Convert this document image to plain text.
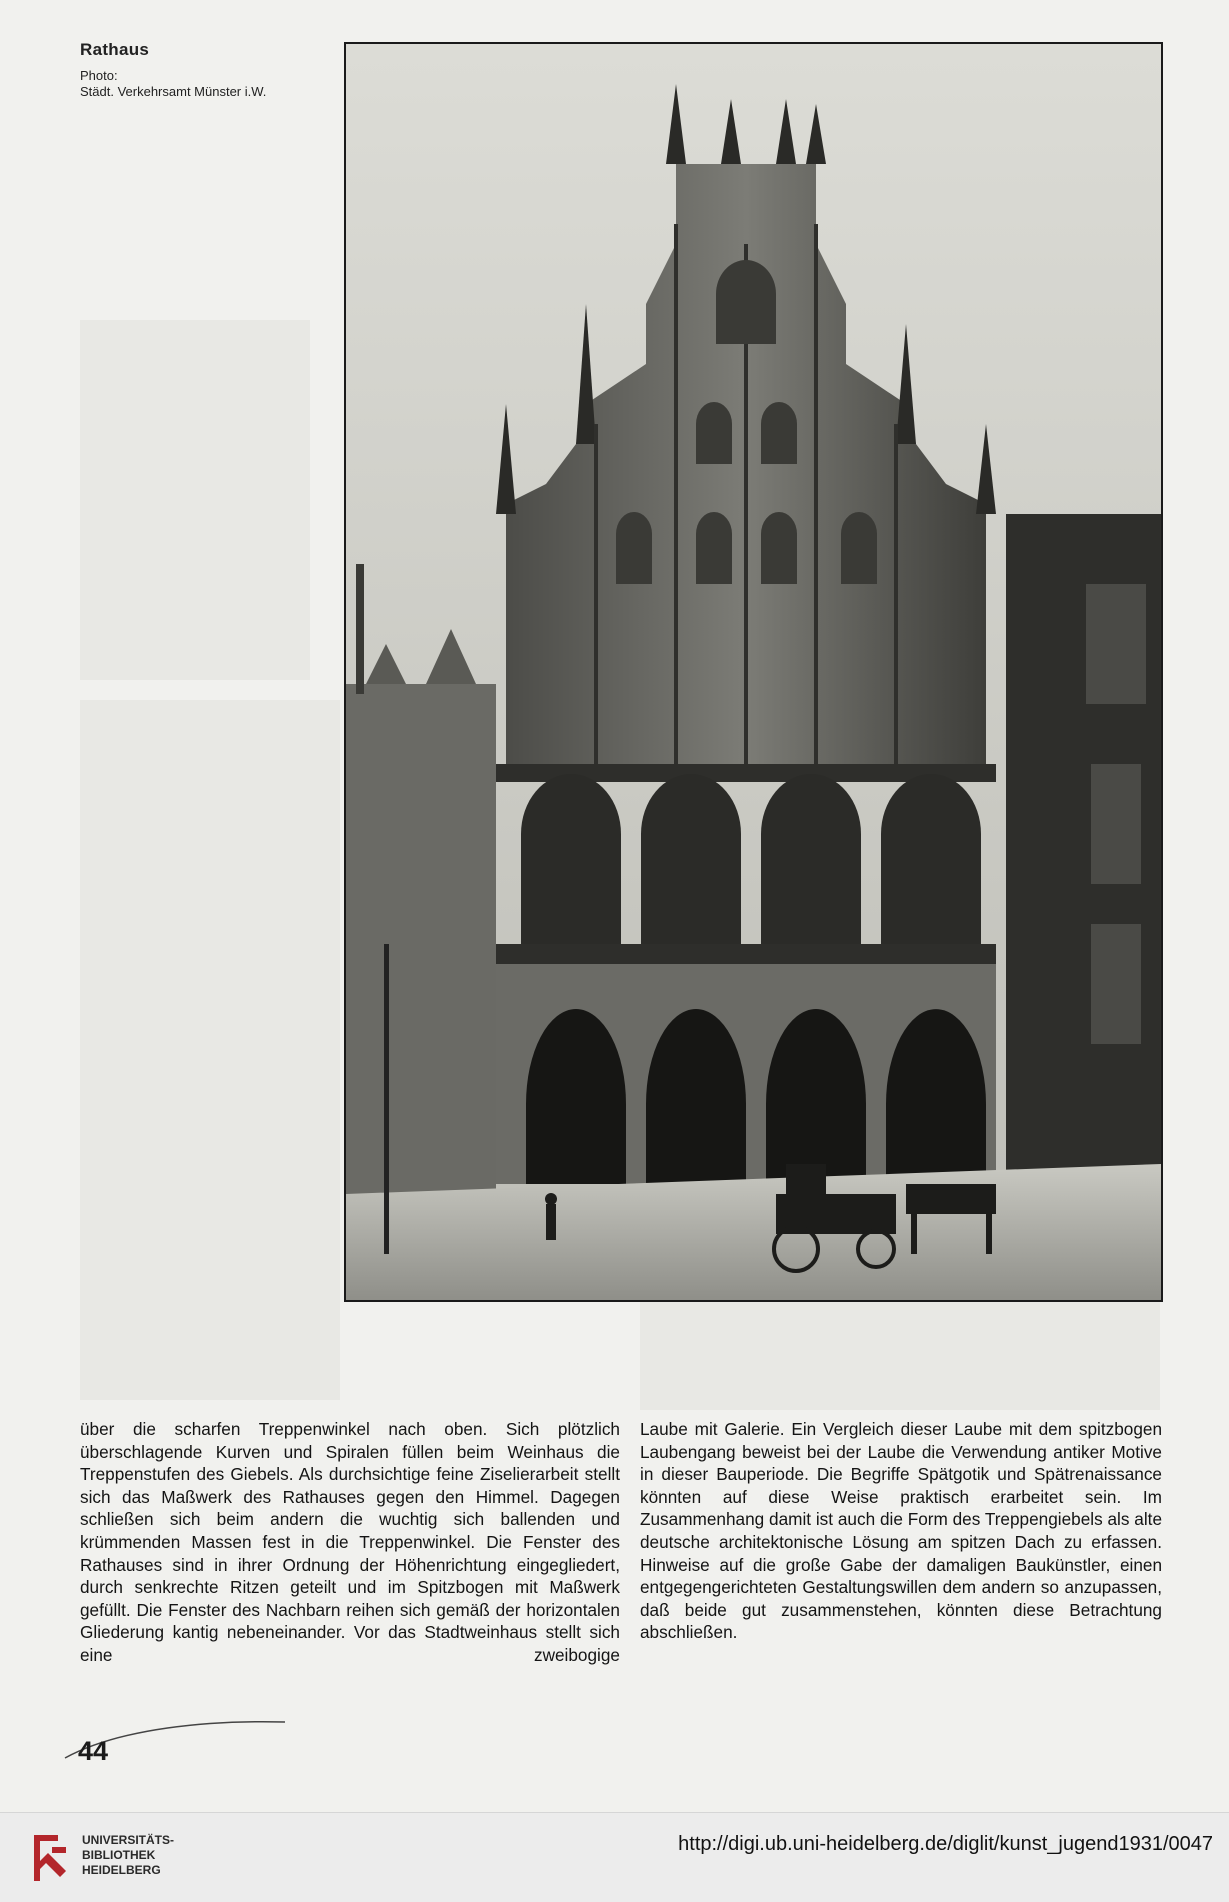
Rathaus
Photo:
Städt. Verkehrsamt Münster i.W.

über die scharfen Treppenwinkel nach oben. Sich plötzlich überschlagende Kurven und Spiralen füllen beim Weinhaus die Treppenstufen des Giebels. Als durchsichtige feine Ziselierarbeit stellt sich das Maßwerk des Rathauses gegen den Himmel. Dagegen schließen sich beim andern die wuchtig sich ballenden und krümmenden Massen fest in die Treppenwinkel. Die Fenster des Rathauses sind in ihrer Ordnung der Höhenrichtung eingegliedert, durch senkrechte Ritzen geteilt und im Spitzbogen mit Maßwerk gefüllt. Die Fenster des Nachbarn reihen sich gemäß der horizontalen Gliederung kantig nebeneinander. Vor das Stadtweinhaus stellt sich eine zweibogige

Laube mit Galerie. Ein Vergleich dieser Laube mit dem spitzbogen Laubengang beweist bei der Laube die Verwendung antiker Motive in dieser Bauperiode. Die Begriffe Spätgotik und Spätrenaissance könnten auf diese Weise praktisch erarbeitet sein. Im Zusammenhang damit ist auch die Form des Treppengiebels als alte deutsche architektonische Lösung am spitzen Dach zu erfassen. Hinweise auf die große Gabe der damaligen Baukünstler, einen entgegengerichteten Gestaltungswillen dem andern so anzupassen, daß beide gut zusammenstehen, könnten diese Betrachtung abschließen.

44
UNIVERSITÄTS-
BIBLIOTHEK
HEIDELBERG
http://digi.ub.uni-heidelberg.de/diglit/kunst_jugend1931/0047
